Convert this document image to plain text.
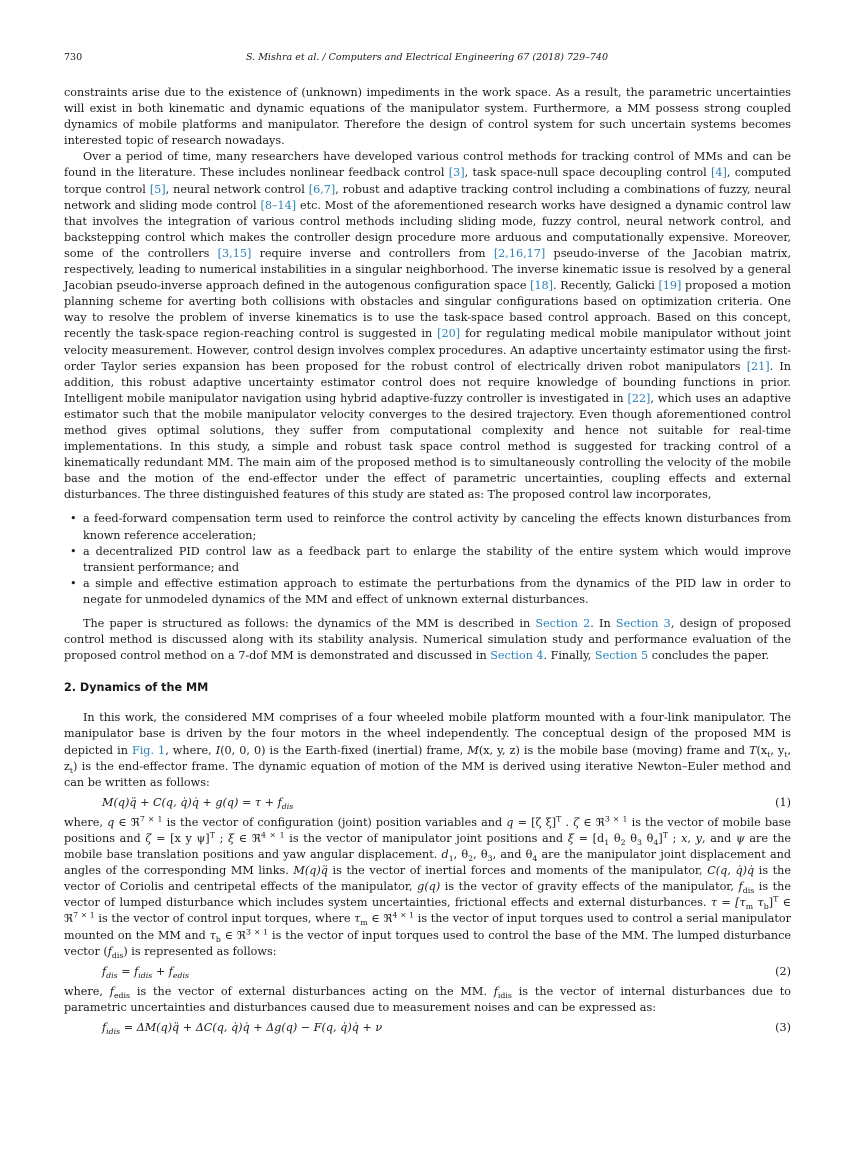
730	S. Mishra et al. / Computers and Electrical Engineering 67 (2018) 729–740

constraints arise due to the existence of (unknown) impediments in the work space. As a result, the parametric uncertainties will exist in both kinematic and dynamic equations of the manipulator system. Furthermore, a MM possess strong coupled dynamics of mobile platforms and manipulator. Therefore the design of control system for such uncertain systems becomes interested topic of research nowadays.

Over a period of time, many researchers have developed various control methods for tracking control of MMs and can be found in the literature. These includes nonlinear feedback control [3], task space-null space decoupling control [4], computed torque control [5], neural network control [6,7], robust and adaptive tracking control including a combinations of fuzzy, neural network and sliding mode control [8–14] etc. Most of the aforementioned research works have designed a dynamic control law that involves the integration of various control methods including sliding mode, fuzzy control, neural network control, and backstepping control which makes the controller design procedure more arduous and computationally expensive. Moreover, some of the controllers [3,15] require inverse and controllers from [2,16,17] pseudo-inverse of the Jacobian matrix, respectively, leading to numerical instabilities in a singular neighborhood. The inverse kinematic issue is resolved by a general Jacobian pseudo-inverse approach defined in the autogenous configuration space [18]. Recently, Galicki [19] proposed a motion planning scheme for averting both collisions with obstacles and singular configurations based on optimization criteria. One way to resolve the problem of inverse kinematics is to use the task-space based control approach. Based on this concept, recently the task-space region-reaching control is suggested in [20] for regulating medical mobile manipulator without joint velocity measurement. However, control design involves complex procedures. An adaptive uncertainty estimator using the first-order Taylor series expansion has been proposed for the robust control of electrically driven robot manipulators [21]. In addition, this robust adaptive uncertainty estimator control does not require knowledge of bounding functions in prior. Intelligent mobile manipulator navigation using hybrid adaptive-fuzzy controller is investigated in [22], which uses an adaptive estimator such that the mobile manipulator velocity converges to the desired trajectory. Even though aforementioned control method gives optimal solutions, they suffer from computational complexity and hence not suitable for real-time implementations. In this study, a simple and robust task space control method is suggested for tracking control of a kinematically redundant MM. The main aim of the proposed method is to simultaneously controlling the velocity of the mobile base and the motion of the end-effector under the effect of parametric uncertainties, coupling effects and external disturbances. The three distinguished features of this study are stated as: The proposed control law incorporates,

• a feed-forward compensation term used to reinforce the control activity by canceling the effects known disturbances from known reference acceleration;
• a decentralized PID control law as a feedback part to enlarge the stability of the entire system which would improve transient performance; and
• a simple and effective estimation approach to estimate the perturbations from the dynamics of the PID law in order to negate for unmodeled dynamics of the MM and effect of unknown external disturbances.

The paper is structured as follows: the dynamics of the MM is described in Section 2. In Section 3, design of proposed control method is discussed along with its stability analysis. Numerical simulation study and performance evaluation of the proposed control method on a 7-dof MM is demonstrated and discussed in Section 4. Finally, Section 5 concludes the paper.

2. Dynamics of the MM

In this work, the considered MM comprises of a four wheeled mobile platform mounted with a four-link manipulator. The manipulator base is driven by the four motors in the wheel independently. The conceptual design of the proposed MM is depicted in Fig. 1, where, I(0, 0, 0) is the Earth-fixed (inertial) frame, M(x, y, z) is the mobile base (moving) frame and $T(x_t$, $y_t$, $z_t$) is the end-effector frame. The dynamic equation of motion of the MM is derived using iterative Newton–Euler method and can be written as follows:

M(q)q̈ + C(q, q̇)q̇ + $g(q) = \tau + f_{dis}$	(1)

where, q ∈ ℜ$^{7 \times 1}$ is the vector of configuration (joint) position variables and q = [ζ ξ]$^T$ . ζ ∈ ℜ$^{3 \times 1}$ is the vector of mobile base positions and ζ = [x y ψ]$^T$ ; ξ ∈ ℜ$^{4 \times 1}$ is the vector of manipulator joint positions and $\xi = [d_1$ $\theta_2$ $\theta_3$ $\theta_4]^T$ ; x, y, and ψ are the mobile base translation positions and yaw angular displacement. $d_1$, $\theta_2$, $\theta_3$, and $\theta_4$ are the manipulator joint displacement and angles of the corresponding MM links. M(q)q̈ is the vector of inertial forces and moments of the manipulator, C(q, q̇)q̇ is the vector of Coriolis and centripetal effects of the manipulator, g(q) is the vector of gravity effects of the manipulator, $f_{dis}$ is the vector of lumped disturbance which includes system uncertainties, frictional effects and external disturbances. $\tau = [\tau_m$ $\tau_b]^T$ ∈ ℜ$^{7 \times 1}$ is the vector of control input torques, where $\tau_m$ ∈ ℜ$^{4 \times 1}$ is the vector of input torques used to control a serial manipulator mounted on the MM and $\tau_b$ ∈ ℜ$^{3 \times 1}$ is the vector of input torques used to control the base of the MM. The lumped disturbance vector $(f_{dis})$ is represented as follows:

$f_{dis} = f_{idis} + f_{edis}$	(2)

where, $f_{edis}$ is the vector of external disturbances acting on the MM. $f_{idis}$ is the vector of internal disturbances due to parametric uncertainties and disturbances caused due to measurement noises and can be expressed as:

$f_{idis}$ = ΔM(q)q̈ + ΔC(q, q̇)q̇ + Δg(q) − F(q, q̇)q̇ + ν	(3)
